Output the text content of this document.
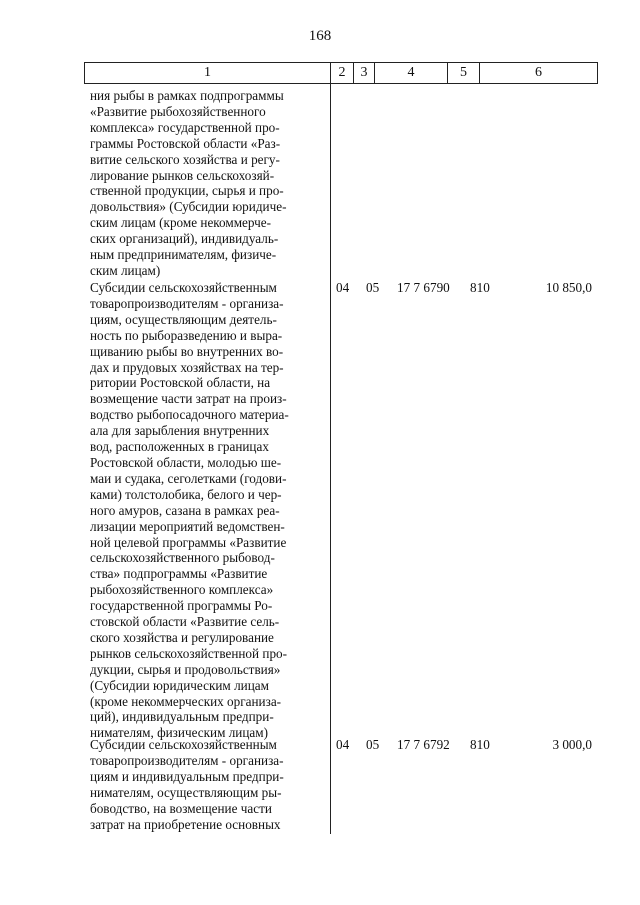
168
1	2	3	4	5	6
ния рыбы в рамках подпрограммы
«Развитие рыбохозяйственного
комплекса» государственной про-
граммы Ростовской области «Раз-
витие сельского хозяйства и регу-
лирование рынков сельскохозяй-
ственной продукции, сырья и про-
довольствия» (Субсидии юридиче-
ским лицам (кроме некоммерче-
ских организаций), индивидуаль-
ным предпринимателям, физиче-
ским лицам)
Субсидии сельскохозяйственным
товаропроизводителям - организа-
циям, осуществляющим деятель-
ность по рыборазведению и выра-
щиванию рыбы во внутренних во-
дах и прудовых хозяйствах на тер-
ритории Ростовской области, на
возмещение части затрат на произ-
водство рыбопосадочного материа-
ала для зарыбления внутренних
вод, расположенных в границах
Ростовской области, молодью ше-
маи и судака, сеголетками (годови-
ками) толстолобика, белого и чер-
ного амуров, сазана в рамках реа-
лизации мероприятий ведомствен-
ной целевой программы «Развитие
сельскохозяйственного рыбовод-
ства» подпрограммы «Развитие
рыбохозяйственного комплекса»
государственной программы Ро-
стовской области «Развитие сель-
ского хозяйства и регулирование
рынков сельскохозяйственной про-
дукции, сырья и продовольствия»
(Субсидии юридическим лицам
(кроме некоммерческих организа-
ций), индивидуальным предпри-
нимателям, физическим лицам)
04 05 17 7 6790 810	10 850,0
Субсидии сельскохозяйственным
товаропроизводителям - организа-
циям и индивидуальным предпри-
нимателям, осуществляющим ры-
боводство, на возмещение части
затрат на приобретение основных
04 05 17 7 6792 810	3 000,0
